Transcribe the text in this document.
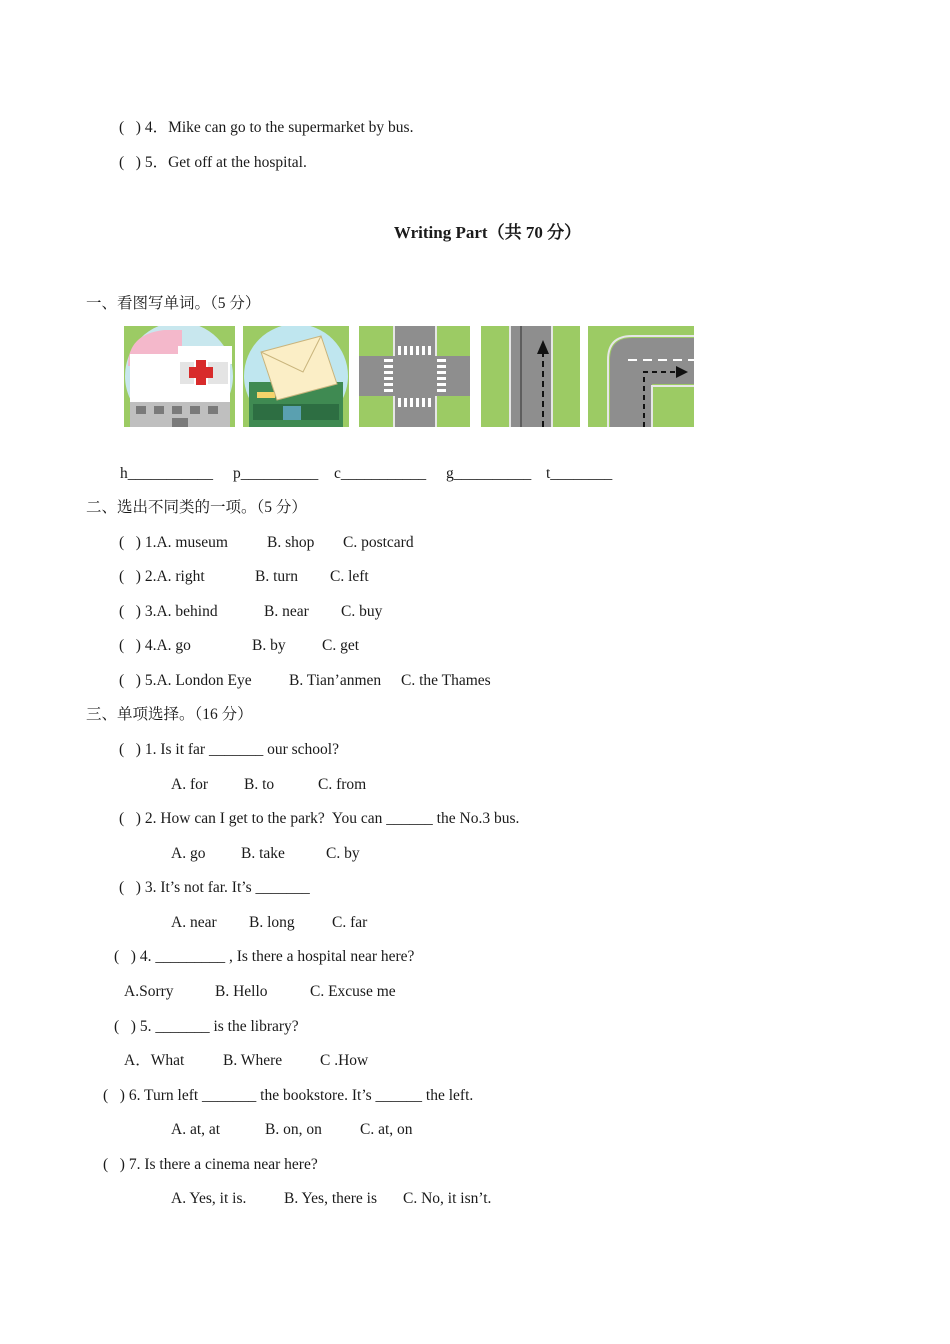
(   ) 4．Mike can go to the supermarket by bus.
(   ) 5．Get off at the hospital.
Writing Part（共 70 分）
一、看图写单词。（5 分）
h___________ p__________ c___________ g__________ t________
二、选出不同类的一项。（5 分）
(   ) 1.A. museum	B. shop C. postcard
(   ) 2.A. right	B. turn C. left
(   ) 3.A. behind	B. near C. buy
(   ) 4.A. go	B. by C. get
(   ) 5.A. London Eye B. Tian’anmen C. the Thames
三、单项选择。（16 分）
(   ) 1. Is it far _______ our school?
A. for B. to	C. from
(   ) 2. How can I get to the park?  You can ______ the No.3 bus.
A. go B. take	C. by
(   ) 3. It’s not far. It’s _______
A. near B. long C. far
(   ) 4. _________ , Is there a hospital near here?
A.Sorry	B. Hello	C. Excuse me
(   ) 5. _______ is the library?
A．What B. Where C .How
(   ) 6. Turn left _______ the bookstore. It’s ______ the left.
A. at, at	B. on, on C. at, on
(   ) 7. Is there a cinema near here?
A. Yes, it is. B. Yes, there is C. No, it isn’t.
